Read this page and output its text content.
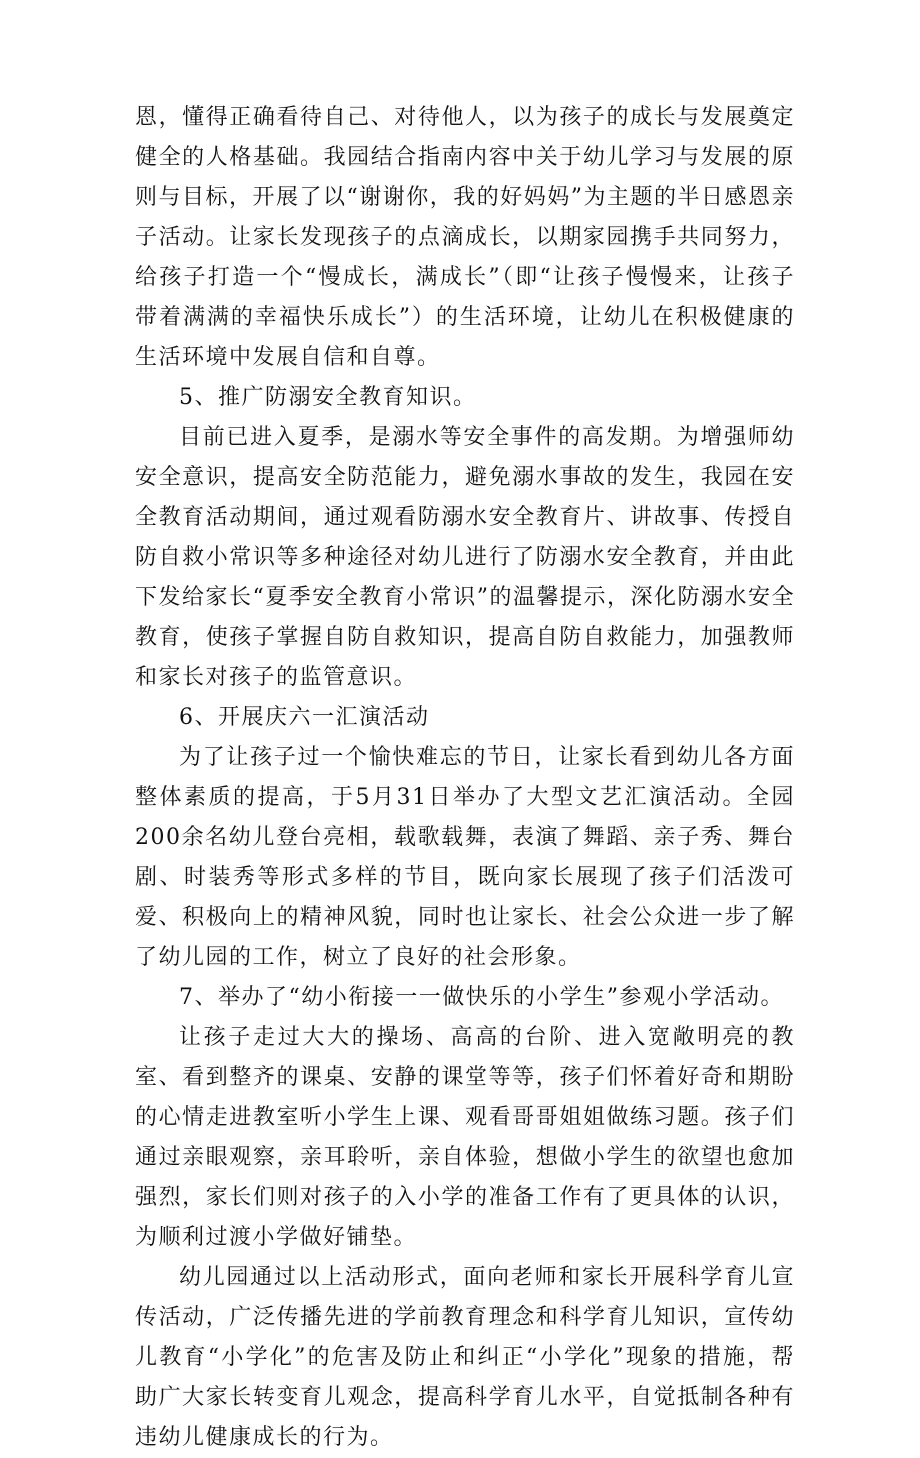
恩，懂得正确看待自己、对待他人，以为孩子的成长与发展奠定健全的人格基础。我园结合指南内容中关于幼儿学习与发展的原则与目标，开展了以“谢谢你，我的好妈妈”为主题的半日感恩亲子活动。让家长发现孩子的点滴成长，以期家园携手共同努力，给孩子打造一个“慢成长，满成长”（即“让孩子慢慢来，让孩子带着满满的幸福快乐成长”）的生活环境，让幼儿在积极健康的生活环境中发展自信和自尊。

5、推广防溺安全教育知识。

目前已进入夏季，是溺水等安全事件的高发期。为增强师幼安全意识，提高安全防范能力，避免溺水事故的发生，我园在安全教育活动期间，通过观看防溺水安全教育片、讲故事、传授自防自救小常识等多种途径对幼儿进行了防溺水安全教育，并由此下发给家长“夏季安全教育小常识”的温馨提示，深化防溺水安全教育，使孩子掌握自防自救知识，提高自防自救能力，加强教师和家长对孩子的监管意识。

6、开展庆六一汇演活动

为了让孩子过一个愉快难忘的节日，让家长看到幼儿各方面整体素质的提高，于5月31日举办了大型文艺汇演活动。全园200余名幼儿登台亮相，载歌载舞，表演了舞蹈、亲子秀、舞台剧、时装秀等形式多样的节目，既向家长展现了孩子们活泼可爱、积极向上的精神风貌，同时也让家长、社会公众进一步了解了幼儿园的工作，树立了良好的社会形象。

7、举办了“幼小衔接一一做快乐的小学生”参观小学活动。

让孩子走过大大的操场、高高的台阶、进入宽敞明亮的教室、看到整齐的课桌、安静的课堂等等，孩子们怀着好奇和期盼的心情走进教室听小学生上课、观看哥哥姐姐做练习题。孩子们通过亲眼观察，亲耳聆听，亲自体验，想做小学生的欲望也愈加强烈，家长们则对孩子的入小学的准备工作有了更具体的认识，为顺利过渡小学做好铺垫。

幼儿园通过以上活动形式，面向老师和家长开展科学育儿宣传活动，广泛传播先进的学前教育理念和科学育儿知识，宣传幼儿教育“小学化”的危害及防止和纠正“小学化”现象的措施，帮助广大家长转变育儿观念，提高科学育儿水平，自觉抵制各种有违幼儿健康成长的行为。
